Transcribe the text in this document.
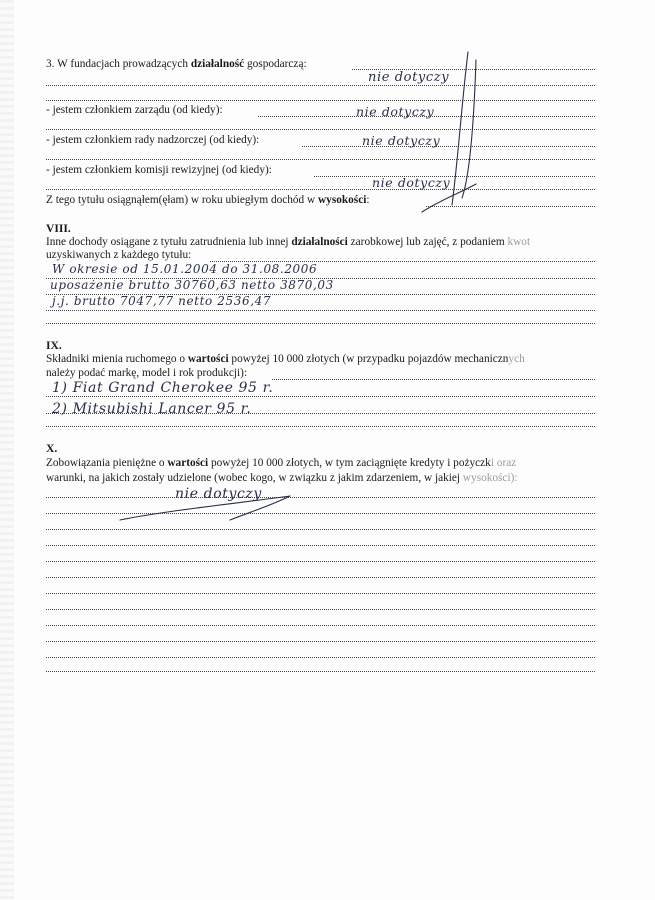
3. W fundacjach prowadzących działalność gospodarczą:
- jestem członkiem zarządu (od kiedy):
- jestem członkiem rady nadzorczej (od kiedy):
- jestem członkiem komisji rewizyjnej (od kiedy):
Z tego tytułu osiągnąłem(ęłam) w roku ubiegłym dochód w wysokości:
VIII.
Inne dochody osiągane z tytułu zatrudnienia lub innej działalności zarobkowej lub zajęć, z podaniem kwot
uzyskiwanych z każdego tytułu:
IX.
Składniki mienia ruchomego o wartości powyżej 10 000 złotych (w przypadku pojazdów mechanicznych
należy podać markę, model i rok produkcji):
X.
Zobowiązania pieniężne o wartości powyżej 10 000 złotych, w tym zaciągnięte kredyty i pożyczki oraz
warunki, na jakich zostały udzielone (wobec kogo, w związku z jakim zdarzeniem, w jakiej wysokości):
nie dotyczy
nie dotyczy
nie dotyczy
nie dotyczy
W okresie od 15.01.2004 do 31.08.2006
uposażenie brutto 30760,63 netto 3870,03
j.j. brutto 7047,77 netto 2536,47
1) Fiat Grand Cherokee 95 r.
2) Mitsubishi Lancer 95 r.
nie dotyczy
